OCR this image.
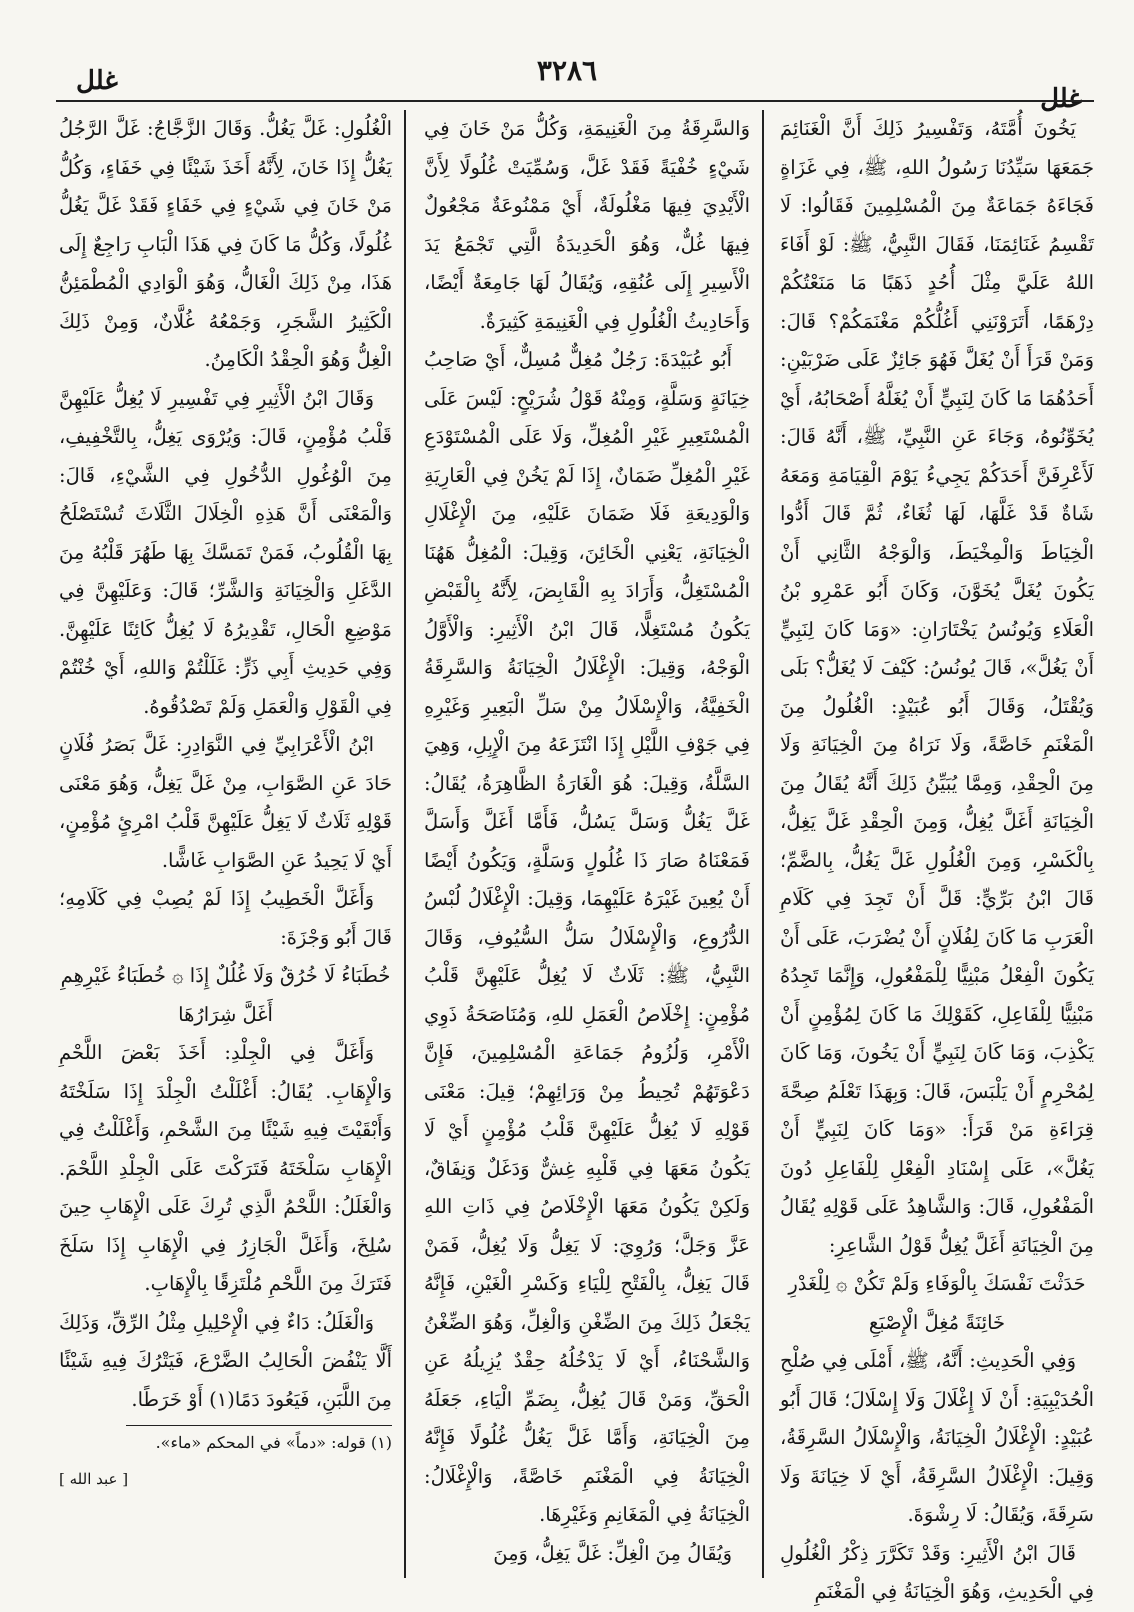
غلل
٣٢٨٦
غلل

يَخُونَ أُمَّتَهُ، وَتَفْسِيرُ ذَلِكَ أَنَّ الْغَنَائِمَ جَمَعَهَا سَيِّدُنَا رَسُولُ اللهِ، ﷺ، فِي غَزَاةٍ فَجَاءَهُ جَمَاعَةٌ مِنَ الْمُسْلِمِينَ فَقَالُوا: لَا تَقْسِمُ غَنَائِمَنَا، فَقَالَ النَّبِيُّ، ﷺ: لَوْ أَفَاءَ اللهُ عَلَيَّ مِثْلَ أُحُدٍ ذَهَبًا مَا مَنَعْتُكُمْ دِرْهَمًا، أَتَرَوْنَنِي أَغُلُّكُمْ مَغْنَمَكُمْ؟ قَالَ: وَمَنْ قَرَأَ أَنْ يُغَلَّ فَهُوَ جَائِزٌ عَلَى ضَرْبَيْنِ: أَحَدُهُمَا مَا كَانَ لِنَبِيٍّ أَنْ يُغَلَّهُ أَصْحَابُهُ، أَيْ يُخَوِّنُوهُ، وَجَاءَ عَنِ النَّبِيِّ، ﷺ، أَنَّهُ قَالَ: لَأَعْرِفَنَّ أَحَدَكُمْ يَجِيءُ يَوْمَ الْقِيَامَةِ وَمَعَهُ شَاةٌ قَدْ غَلَّهَا، لَهَا ثُغَاءٌ، ثُمَّ قَالَ أَدُّوا الْخِيَاطَ وَالْمِخْيَطَ، وَالْوَجْهُ الثَّانِي أَنْ يَكُونَ يُغَلَّ يُخَوَّنَ، وَكَانَ أَبُو عَمْرِو بْنُ الْعَلَاءِ وَيُونُسُ يَخْتَارَانِ: «وَمَا كَانَ لِنَبِيٍّ أَنْ يَغُلَّ»، قَالَ يُونُسُ: كَيْفَ لَا يُغَلُّ؟ بَلَى وَيُقْتَلُ، وَقَالَ أَبُو عُبَيْدٍ: الْغُلُولُ مِنَ الْمَغْنَمِ خَاصَّةً، وَلَا نَرَاهُ مِنَ الْخِيَانَةِ وَلَا مِنَ الْحِقْدِ، وَمِمَّا يُبَيِّنُ ذَلِكَ أَنَّهُ يُقَالُ مِنَ الْخِيَانَةِ أَغَلَّ يُغِلُّ، وَمِنَ الْحِقْدِ غَلَّ يَغِلُّ، بِالْكَسْرِ، وَمِنَ الْغُلُولِ غَلَّ يَغُلُّ، بِالضَّمِّ؛ قَالَ ابْنُ بَرِّيٍّ: قَلَّ أَنْ تَجِدَ فِي كَلَامِ الْعَرَبِ مَا كَانَ لِفُلَانٍ أَنْ يُضْرَبَ، عَلَى أَنْ يَكُونَ الْفِعْلُ مَبْنِيًّا لِلْمَفْعُولِ، وَإِنَّمَا تَجِدُهُ مَبْنِيًّا لِلْفَاعِلِ، كَقَوْلِكَ مَا كَانَ لِمُؤْمِنٍ أَنْ يَكْذِبَ، وَمَا كَانَ لِنَبِيٍّ أَنْ يَخُونَ، وَمَا كَانَ لِمُحْرِمٍ أَنْ يَلْبَسَ، قَالَ: وَبِهَذَا تَعْلَمُ صِحَّةَ قِرَاءَةِ مَنْ قَرَأَ: «وَمَا كَانَ لِنَبِيٍّ أَنْ يَغُلَّ»، عَلَى إِسْنَادِ الْفِعْلِ لِلْفَاعِلِ دُونَ الْمَفْعُولِ، قَالَ: وَالشَّاهِدُ عَلَى قَوْلِهِ يُقَالُ مِنَ الْخِيَانَةِ أَغَلَّ يُغِلُّ قَوْلُ الشَّاعِرِ:

حَدَثْتَ نَفْسَكَ بِالْوَفَاءِ وَلَمْ تَكُنْ ۞ لِلْغَدْرِ خَائِنَةً مُغِلَّ الْإِصْبَعِ

وَفِي الْحَدِيثِ: أَنَّهُ، ﷺ، أَمْلَى فِي صُلْحِ الْحُدَيْبِيَةِ: أَنْ لَا إِغْلَالَ وَلَا إِسْلَالَ؛ قَالَ أَبُو عُبَيْدٍ: الْإِغْلَالُ الْخِيَانَةُ، وَالْإِسْلَالُ السَّرِقَةُ، وَقِيلَ: الْإِغْلَالُ السَّرِقَةُ، أَيْ لَا خِيَانَةَ وَلَا سَرِقَةَ، وَيُقَالُ: لَا رِشْوَةَ.

قَالَ ابْنُ الْأَثِيرِ: وَقَدْ تَكَرَّرَ ذِكْرُ الْغُلُولِ فِي الْحَدِيثِ، وَهُوَ الْخِيَانَةُ فِي الْمَغْنَمِ

وَالسَّرِقَةُ مِنَ الْغَنِيمَةِ، وَكُلُّ مَنْ خَانَ فِي شَيْءٍ خُفْيَةً فَقَدْ غَلَّ، وَسُمِّيَتْ غُلُولًا لِأَنَّ الْأَيْدِيَ فِيهَا مَغْلُولَةٌ، أَيْ مَمْنُوعَةٌ مَجْعُولٌ فِيهَا غُلٌّ، وَهُوَ الْحَدِيدَةُ الَّتِي تَجْمَعُ يَدَ الْأَسِيرِ إِلَى عُنُقِهِ، وَيُقَالُ لَهَا جَامِعَةٌ أَيْضًا، وَأَحَادِيثُ الْغُلُولِ فِي الْغَنِيمَةِ كَثِيرَةٌ.

أَبُو عُبَيْدَةَ: رَجُلٌ مُغِلٌّ مُسِلٌّ، أَيْ صَاحِبُ خِيَانَةٍ وَسَلَّةٍ، وَمِنْهُ قَوْلُ شُرَيْحٍ: لَيْسَ عَلَى الْمُسْتَعِيرِ غَيْرِ الْمُغِلِّ، وَلَا عَلَى الْمُسْتَوْدَعِ غَيْرِ الْمُغِلِّ ضَمَانٌ، إِذَا لَمْ يَخُنْ فِي الْعَارِيَةِ وَالْوَدِيعَةِ فَلَا ضَمَانَ عَلَيْهِ، مِنَ الْإِغْلَالِ الْخِيَانَةِ، يَعْنِي الْخَائِنَ، وَقِيلَ: الْمُغِلُّ هَهُنَا الْمُسْتَغِلُّ، وَأَرَادَ بِهِ الْقَابِضَ، لِأَنَّهُ بِالْقَبْضِ يَكُونُ مُسْتَغِلًّا، قَالَ ابْنُ الْأَثِيرِ: وَالْأَوَّلُ الْوَجْهُ، وَقِيلَ: الْإِغْلَالُ الْخِيَانَةُ وَالسَّرِقَةُ الْخَفِيَّةُ، وَالْإِسْلَالُ مِنْ سَلِّ الْبَعِيرِ وَغَيْرِهِ فِي جَوْفِ اللَّيْلِ إِذَا انْتَزَعَهُ مِنَ الْإِبِلِ، وَهِيَ السَّلَّةُ، وَقِيلَ: هُوَ الْغَارَةُ الظَّاهِرَةُ، يُقَالُ: غَلَّ يَغُلُّ وَسَلَّ يَسُلُّ، فَأَمَّا أَغَلَّ وَأَسَلَّ فَمَعْنَاهُ صَارَ ذَا غُلُولٍ وَسَلَّةٍ، وَيَكُونُ أَيْضًا أَنْ يُعِينَ غَيْرَهُ عَلَيْهِمَا، وَقِيلَ: الْإِغْلَالُ لُبْسُ الدُّرُوعِ، وَالْإِسْلَالُ سَلُّ السُّيُوفِ، وَقَالَ النَّبِيُّ، ﷺ: ثَلَاثٌ لَا يُغِلُّ عَلَيْهِنَّ قَلْبُ مُؤْمِنٍ: إِخْلَاصُ الْعَمَلِ للهِ، وَمُنَاصَحَةُ ذَوِي الْأَمْرِ، وَلُزُومُ جَمَاعَةِ الْمُسْلِمِينَ، فَإِنَّ دَعْوَتَهُمْ تُحِيطُ مِنْ وَرَائِهِمْ؛ قِيلَ: مَعْنَى قَوْلِهِ لَا يُغِلُّ عَلَيْهِنَّ قَلْبُ مُؤْمِنٍ أَيْ لَا يَكُونُ مَعَهَا فِي قَلْبِهِ غِشٌّ وَدَغَلٌ وَنِفَاقٌ، وَلَكِنْ يَكُونُ مَعَهَا الْإِخْلَاصُ فِي ذَاتِ اللهِ عَزَّ وَجَلَّ؛ وَرُوِيَ: لَا يَغِلُّ وَلَا يُغِلُّ، فَمَنْ قَالَ يَغِلُّ، بِالْفَتْحِ لِلْيَاءِ وَكَسْرِ الْغَيْنِ، فَإِنَّهُ يَجْعَلُ ذَلِكَ مِنَ الضِّغْنِ وَالْغِلِّ، وَهُوَ الضِّغْنُ وَالشَّحْنَاءُ، أَيْ لَا يَدْخُلُهُ حِقْدٌ يُزِيلُهُ عَنِ الْحَقِّ، وَمَنْ قَالَ يُغِلُّ، بِضَمِّ الْيَاءِ، جَعَلَهُ مِنَ الْخِيَانَةِ، وَأَمَّا غَلَّ يَغُلُّ غُلُولًا فَإِنَّهُ الْخِيَانَةُ فِي الْمَغْنَمِ خَاصَّةً، وَالْإِغْلَالُ: الْخِيَانَةُ فِي الْمَغَانِمِ وَغَيْرِهَا.

وَيُقَالُ مِنَ الْغِلِّ: غَلَّ يَغِلُّ، وَمِنَ

الْغُلُولِ: غَلَّ يَغُلُّ. وَقَالَ الزَّجَّاجُ: غَلَّ الرَّجُلُ يَغُلُّ إِذَا خَانَ، لِأَنَّهُ أَخَذَ شَيْئًا فِي خَفَاءٍ، وَكُلُّ مَنْ خَانَ فِي شَيْءٍ فِي خَفَاءٍ فَقَدْ غَلَّ يَغُلُّ غُلُولًا، وَكُلُّ مَا كَانَ فِي هَذَا الْبَابِ رَاجِعٌ إِلَى هَذَا، مِنْ ذَلِكَ الْغَالُّ، وَهُوَ الْوَادِي الْمُطْمَئِنُّ الْكَثِيرُ الشَّجَرِ، وَجَمْعُهُ غُلَّانٌ، وَمِنْ ذَلِكَ الْغِلُّ وَهُوَ الْحِقْدُ الْكَامِنُ.

وَقَالَ ابْنُ الْأَثِيرِ فِي تَفْسِيرِ لَا يُغِلُّ عَلَيْهِنَّ قَلْبُ مُؤْمِنٍ، قَالَ: وَيُرْوَى يَغِلُّ، بِالتَّخْفِيفِ، مِنَ الْوُغُولِ الدُّخُولِ فِي الشَّيْءِ، قَالَ: وَالْمَعْنَى أَنَّ هَذِهِ الْخِلَالَ الثَّلَاثَ تُسْتَصْلَحُ بِهَا الْقُلُوبُ، فَمَنْ تَمَسَّكَ بِهَا طَهُرَ قَلْبُهُ مِنَ الدَّغَلِ وَالْخِيَانَةِ وَالشَّرِّ؛ قَالَ: وَعَلَيْهِنَّ فِي مَوْضِعِ الْحَالِ، تَقْدِيرُهُ لَا يُغِلُّ كَائِنًا عَلَيْهِنَّ. وَفِي حَدِيثِ أَبِي ذَرٍّ: غَلَلْتُمْ وَاللهِ، أَيْ خُنْتُمْ فِي الْقَوْلِ وَالْعَمَلِ وَلَمْ تَصْدُقُوهُ.

ابْنُ الْأَعْرَابِيِّ فِي النَّوَادِرِ: غَلَّ بَصَرُ فُلَانٍ حَادَ عَنِ الصَّوَابِ، مِنْ غَلَّ يَغِلُّ، وَهُوَ مَعْنَى قَوْلِهِ ثَلَاثٌ لَا يَغِلُّ عَلَيْهِنَّ قَلْبُ امْرِئٍ مُؤْمِنٍ، أَيْ لَا يَحِيدُ عَنِ الصَّوَابِ غَاشًّا.

وَأَغَلَّ الْخَطِيبُ إِذَا لَمْ يُصِبْ فِي كَلَامِهِ؛ قَالَ أَبُو وَجْزَةَ:

خُطَبَاءُ لَا خُرُقٌ وَلَا غُلُلٌ إِذَا ۞ خُطَبَاءُ غَيْرِهِمِ أَغَلَّ شِرَارُهَا

وَأَغَلَّ فِي الْجِلْدِ: أَخَذَ بَعْضَ اللَّحْمِ وَالْإِهَابِ. يُقَالُ: أَغْلَلْتُ الْجِلْدَ إِذَا سَلَخْتَهُ وَأَبْقَيْتَ فِيهِ شَيْئًا مِنَ الشَّحْمِ، وَأَغْلَلْتُ فِي الْإِهَابِ سَلْخَتَهُ فَتَرَكْتَ عَلَى الْجِلْدِ اللَّحْمَ. وَالْغَلَلُ: اللَّحْمُ الَّذِي تُرِكَ عَلَى الْإِهَابِ حِينَ سُلِخَ، وَأَغَلَّ الْجَازِرُ فِي الْإِهَابِ إِذَا سَلَخَ فَتَرَكَ مِنَ اللَّحْمِ مُلْتَزِقًا بِالْإِهَابِ.

وَالْغَلَلُ: دَاءٌ فِي الْإِحْلِيلِ مِثْلُ الرِّقِّ، وَذَلِكَ أَلَّا يَنْفُضَ الْحَالِبُ الضَّرْعَ، فَيَتْرُكَ فِيهِ شَيْئًا مِنَ اللَّبَنِ، فَيَعُودَ دَمًا(١) أَوْ خَرَطًا.

(١) قوله: «دماً» في المحكم «ماء».

[ عبد الله ]
